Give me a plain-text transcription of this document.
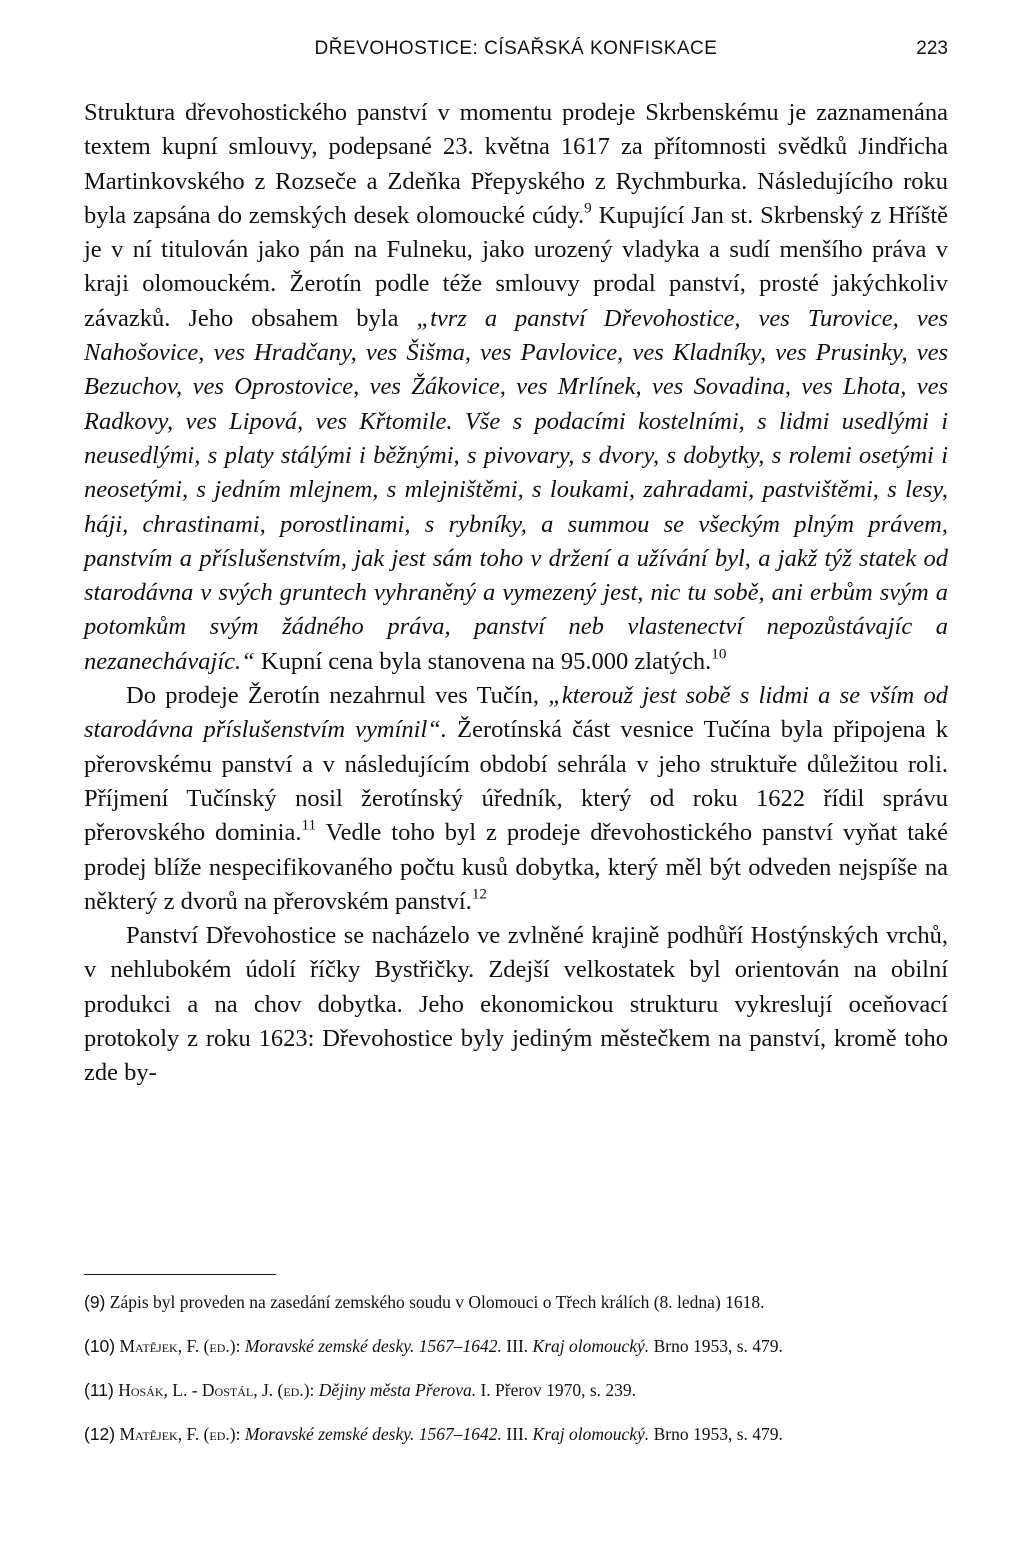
DŘEVOHOSTICE: CÍSAŘSKÁ KONFISKACE	223

Struktura dřevohostického panství v momentu prodeje Skrbenskému je zaznamenána textem kupní smlouvy, podepsané 23. května 1617 za přítomnosti svědků Jindřicha Martinkovského z Rozseče a Zdeňka Přepyského z Rychmburka. Následujícího roku byla zapsána do zemských desek olomoucké cúdy.$^9$ Kupující Jan st. Skrbenský z Hříště je v ní titulován jako pán na Fulneku, jako urozený vladyka a sudí menšího práva v kraji olomouckém. Žerotín podle téže smlouvy prodal panství, prosté jakýchkoliv závazků. Jeho obsahem byla „tvrz a panství Dřevohostice, ves Turovice, ves Nahošovice, ves Hradčany, ves Šišma, ves Pavlovice, ves Kladníky, ves Prusinky, ves Bezuchov, ves Oprostovice, ves Žákovice, ves Mrlínek, ves Sovadina, ves Lhota, ves Radkovy, ves Lipová, ves Křtomile. Vše s podacími kostelními, s lidmi usedlými i neusedlými, s platy stálými i běžnými, s pivovary, s dvory, s dobytky, s rolemi osetými i neosetými, s jedním mlejnem, s mlejništěmi, s loukami, zahradami, pastvištěmi, s lesy, háji, chrastinami, porostlinami, s rybníky, a summou se všeckým plným právem, panstvím a příslušenstvím, jak jest sám toho v držení a užívání byl, a jakž týž statek od starodávna v svých gruntech vyhraněný a vymezený jest, nic tu sobě, ani erbům svým a potomkům svým žádného práva, panství neb vlastenectví nepozůstávajíc a nezanechávajíc.“ Kupní cena byla stanovena na 95.000 zlatých.$^{10}$

Do prodeje Žerotín nezahrnul ves Tučín, „kterouž jest sobě s lidmi a se vším od starodávna příslušenstvím vymínil“. Žerotínská část vesnice Tučína byla připojena k přerovskému panství a v následujícím období sehrála v jeho struktuře důležitou roli. Příjmení Tučínský nosil žerotínský úředník, který od roku 1622 řídil správu přerovského dominia.$^{11}$ Vedle toho byl z prodeje dřevohostického panství vyňat také prodej blíže nespecifikovaného počtu kusů dobytka, který měl být odveden nejspíše na některý z dvorů na přerovském panství.$^{12}$

Panství Dřevohostice se nacházelo ve zvlněné krajině podhůří Hostýnských vrchů, v nehlubokém údolí říčky Bystřičky. Zdejší velkostatek byl orientován na obilní produkci a na chov dobytka. Jeho ekonomickou strukturu vykreslují oceňovací protokoly z roku 1623: Dřevohostice byly jediným městečkem na panství, kromě toho zde by-

(9) Zápis byl proveden na zasedání zemského soudu v Olomouci o Třech králích (8. ledna) 1618.

(10) Matějek, F. (ed.): Moravské zemské desky. 1567–1642. III. Kraj olomoucký. Brno 1953, s. 479.

(11) Hosák, L. - Dostál, J. (ed.): Dějiny města Přerova. I. Přerov 1970, s. 239.

(12) Matějek, F. (ed.): Moravské zemské desky. 1567–1642. III. Kraj olomoucký. Brno 1953, s. 479.
